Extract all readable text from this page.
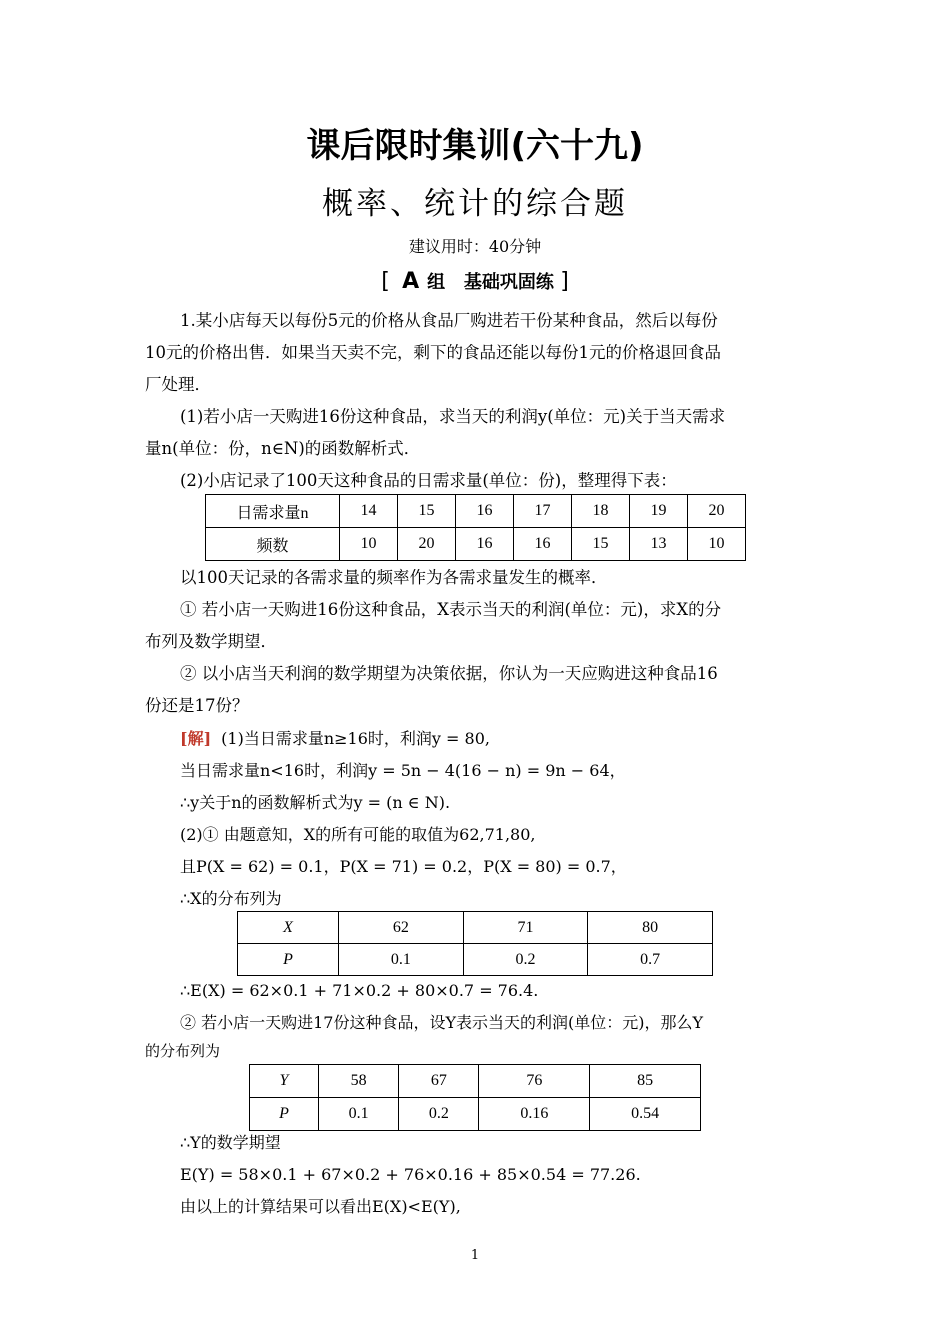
课后限时集训(六十九)
概率、统计的综合题
建议用时：40分钟
[ A 组 基础巩固练 ]
1.某小店每天以每份5元的价格从食品厂购进若干份某种食品，然后以每份
10元的价格出售．如果当天卖不完，剩下的食品还能以每份1元的价格退回食品
厂处理．
(1)若小店一天购进16份这种食品，求当天的利润y(单位：元)关于当天需求
量n(单位：份，n∈N)的函数解析式．
(2)小店记录了100天这种食品的日需求量(单位：份)，整理得下表：
日需求量n	14	15	16	17	18	19	20
频数	10	20	16	16	15	13	10
以100天记录的各需求量的频率作为各需求量发生的概率．
① 若小店一天购进16份这种食品，X表示当天的利润(单位：元)，求X的分
布列及数学期望．
② 以小店当天利润的数学期望为决策依据，你认为一天应购进这种食品16
份还是17份？
[解] (1)当日需求量n≥16时，利润y = 80,
当日需求量n<16时，利润y = 5n − 4(16 − n) = 9n − 64，
∴y关于n的函数解析式为y = (n ∈ N).
(2)① 由题意知，X的所有可能的取值为62,71,80,
且P(X = 62) = 0.1，P(X = 71) = 0.2，P(X = 80) = 0.7，
∴X的分布列为
X	62	71	80
P	0.1	0.2	0.7
∴E(X) = 62×0.1 + 71×0.2 + 80×0.7 = 76.4.
② 若小店一天购进17份这种食品，设Y表示当天的利润(单位：元)，那么Y
的分布列为
Y	58	67	76	85
P	0.1	0.2	0.16	0.54
∴Y的数学期望
E(Y) = 58×0.1 + 67×0.2 + 76×0.16 + 85×0.54 = 77.26.
由以上的计算结果可以看出E(X)<E(Y),
1
